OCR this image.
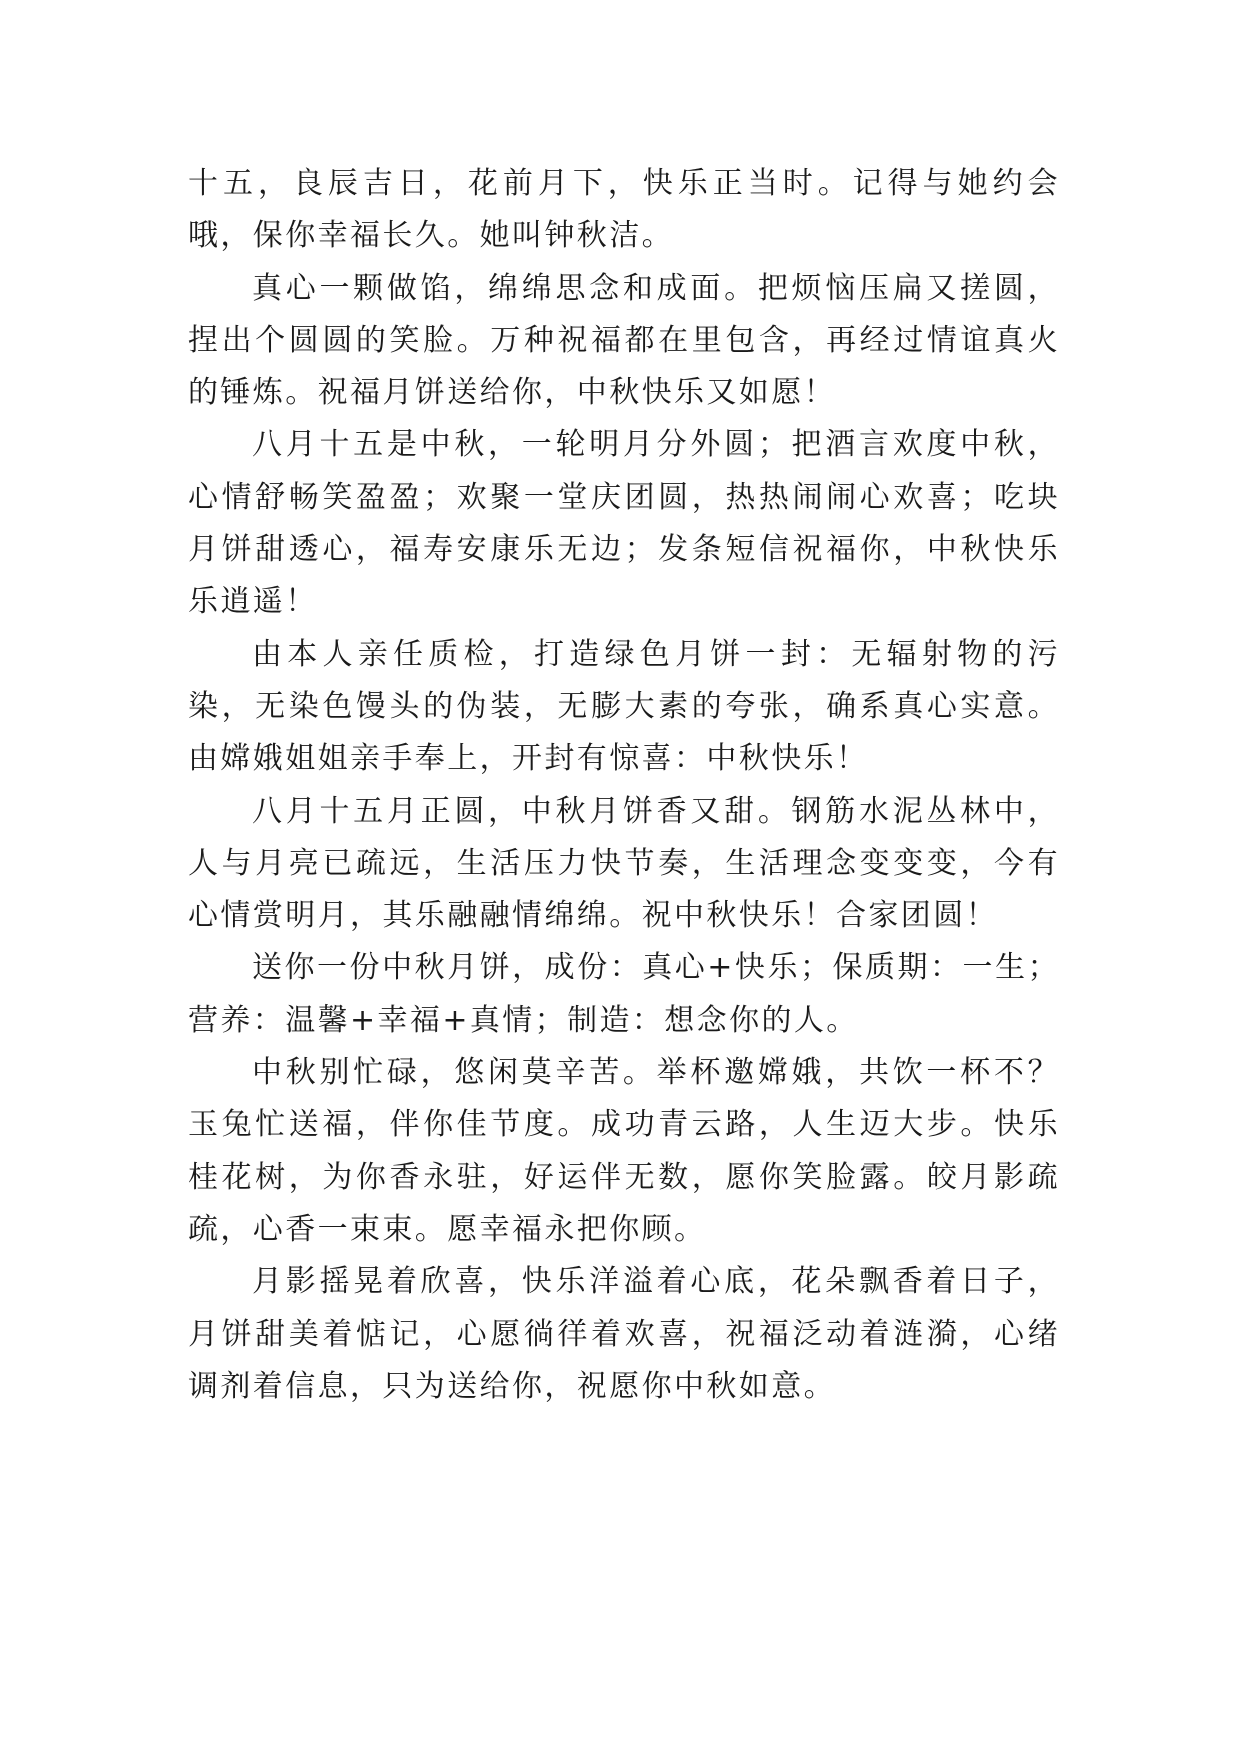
十五，良辰吉日，花前月下，快乐正当时。记得与她约会哦，保你幸福长久。她叫钟秋洁。

真心一颗做馅，绵绵思念和成面。把烦恼压扁又搓圆，捏出个圆圆的笑脸。万种祝福都在里包含，再经过情谊真火的锤炼。祝福月饼送给你，中秋快乐又如愿！

八月十五是中秋，一轮明月分外圆；把酒言欢度中秋，心情舒畅笑盈盈；欢聚一堂庆团圆，热热闹闹心欢喜；吃块月饼甜透心，福寿安康乐无边；发条短信祝福你，中秋快乐乐逍遥！

由本人亲任质检，打造绿色月饼一封：无辐射物的污染，无染色馒头的伪装，无膨大素的夸张，确系真心实意。由嫦娥姐姐亲手奉上，开封有惊喜：中秋快乐！

八月十五月正圆，中秋月饼香又甜。钢筋水泥丛林中，人与月亮已疏远，生活压力快节奏，生活理念变变变，今有心情赏明月，其乐融融情绵绵。祝中秋快乐！合家团圆！

送你一份中秋月饼，成份：真心+快乐；保质期：一生；营养：温馨+幸福+真情；制造：想念你的人。

中秋别忙碌，悠闲莫辛苦。举杯邀嫦娥，共饮一杯不？玉兔忙送福，伴你佳节度。成功青云路，人生迈大步。快乐桂花树，为你香永驻，好运伴无数，愿你笑脸露。皎月影疏疏，心香一束束。愿幸福永把你顾。

月影摇晃着欣喜，快乐洋溢着心底，花朵飘香着日子，月饼甜美着惦记，心愿徜徉着欢喜，祝福泛动着涟漪，心绪调剂着信息，只为送给你，祝愿你中秋如意。
